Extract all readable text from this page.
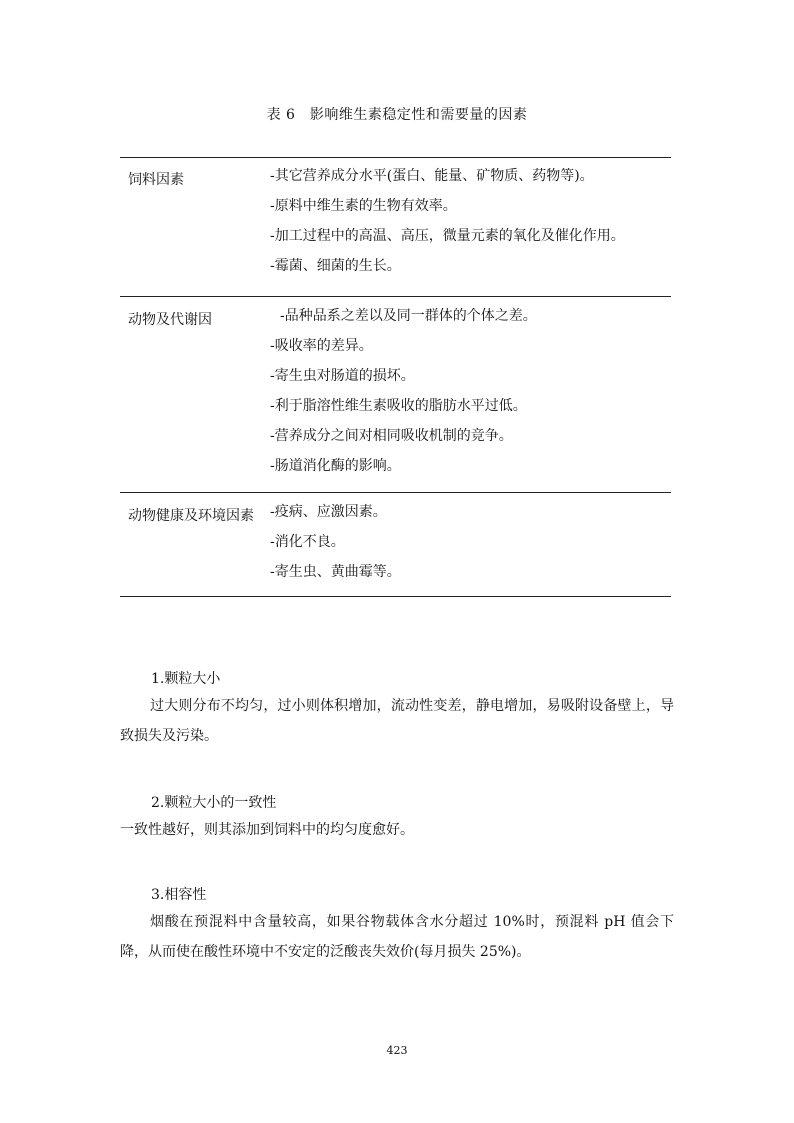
表 6　影响维生素稳定性和需要量的因素
饲料因素	-其它营养成分水平(蛋白、能量、矿物质、药物等)。
-原料中维生素的生物有效率。
-加工过程中的高温、高压，微量元素的氧化及催化作用。
-霉菌、细菌的生长。
动物及代谢因	-品种品系之差以及同一群体的个体之差。
-吸收率的差异。
-寄生虫对肠道的损坏。
-利于脂溶性维生素吸收的脂肪水平过低。
-营养成分之间对相同吸收机制的竞争。
-肠道消化酶的影响。
动物健康及环境因素 -疫病、应激因素。
-消化不良。
-寄生虫、黄曲霉等。
1.颗粒大小
过大则分布不均匀，过小则体积增加，流动性变差，静电增加，易吸附设备壁上，导致损失及污染。
2.颗粒大小的一致性
一致性越好，则其添加到饲料中的均匀度愈好。
3.相容性
烟酸在预混料中含量较高，如果谷物载体含水分超过 10%时，预混料 pH 值会下降，从而使在酸性环境中不安定的泛酸丧失效价(每月损失 25%)。
423
